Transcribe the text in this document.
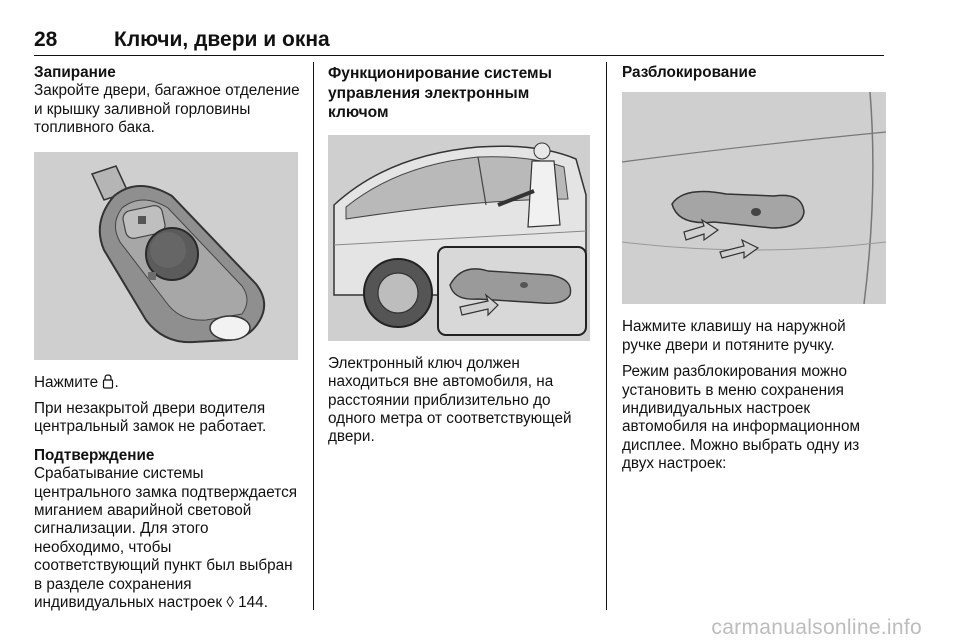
28	Ключи, двери и окна
Запирание

Закройте двери, багажное отделение и крышку заливной горловины топливного бака.

Нажмите .

При незакрытой двери водителя центральный замок не работает.

Подтверждение

Срабатывание системы центрального замка подтверждается миганием аварийной световой сигнализации. Для этого необходимо, чтобы соответствующий пункт был выбран в разделе сохранения индивидуальных настроек ◊ 144.

Функционирование системы управления электронным ключом

Электронный ключ должен находиться вне автомобиля, на расстоянии приблизительно до одного метра от соответствующей двери.

Разблокирование

Нажмите клавишу на наружной ручке двери и потяните ручку.

Режим разблокирования можно установить в меню сохранения индивидуальных настроек автомобиля на информационном дисплее. Можно выбрать одну из двух настроек:

carmanualsonline.info
